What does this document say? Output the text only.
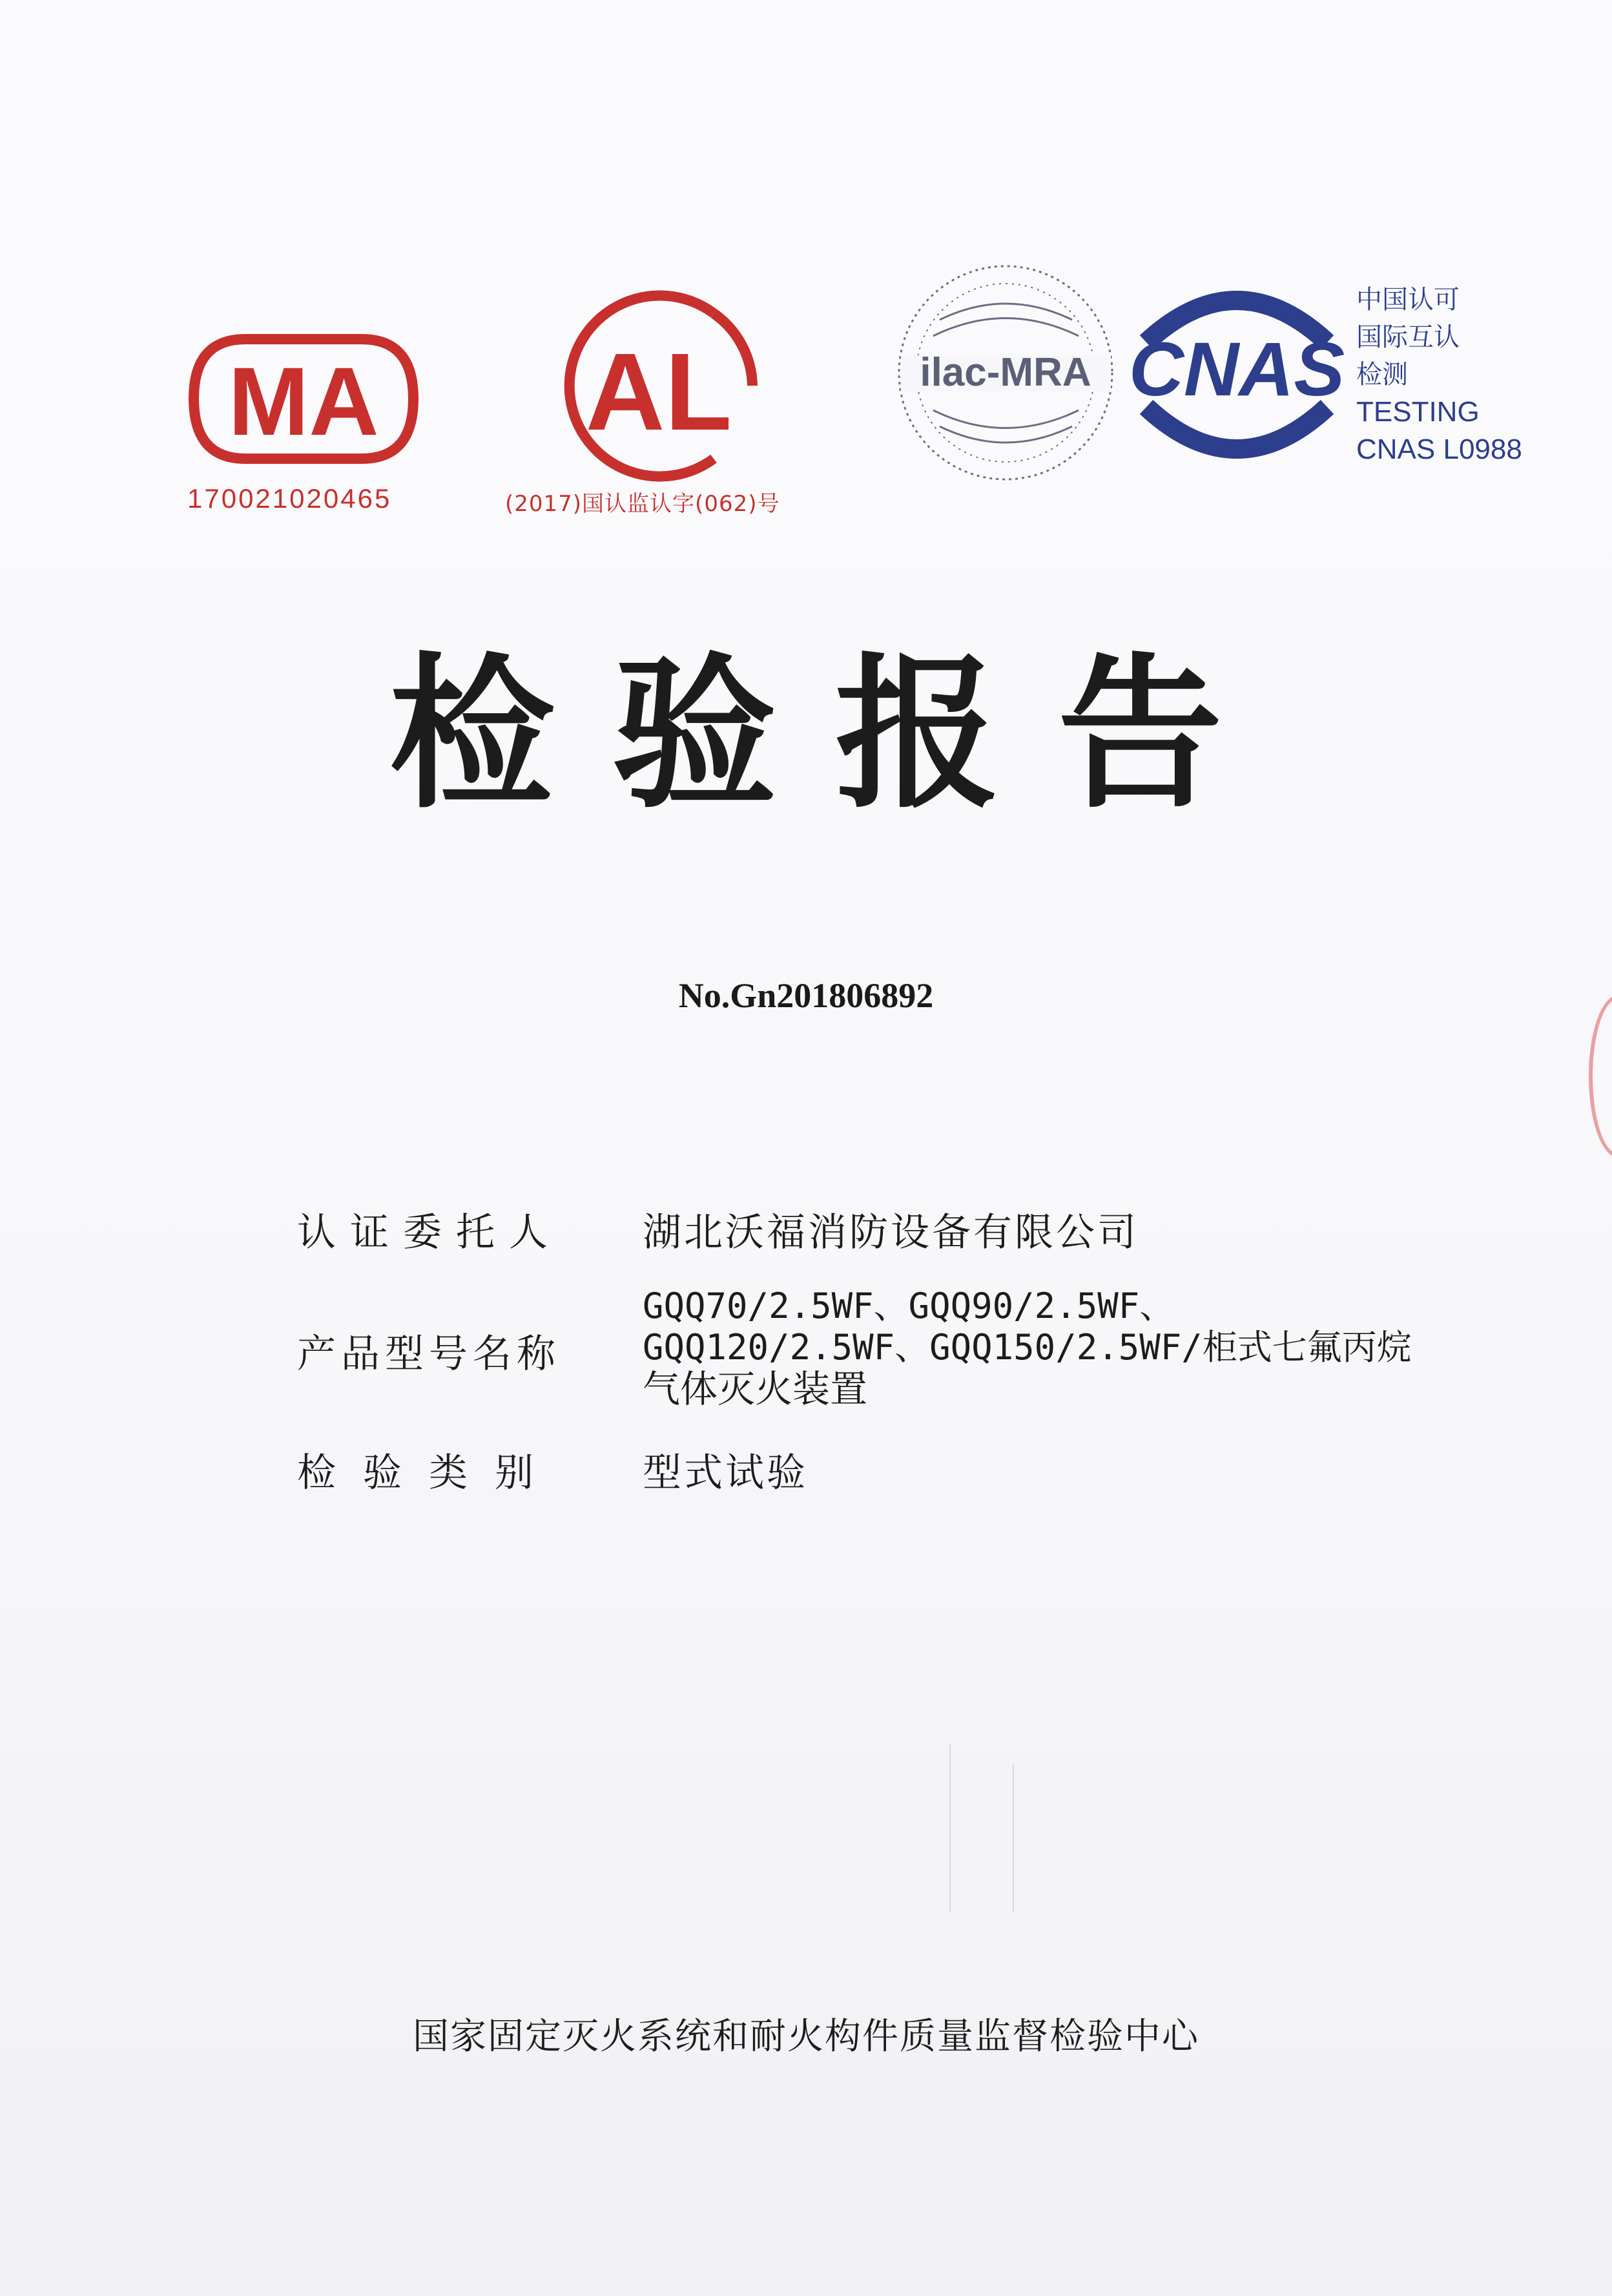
MA
170021020465
AL
(2017)国认监认字(062)号
ilac-MRA CNAS
中国认可
国际互认
检测
TESTING
CNAS L0988
检验报告
No.Gn201806892
认证委托人 湖北沃福消防设备有限公司
产品型号名称
GQQ70/2.5WF、GQQ90/2.5WF、
GQQ120/2.5WF、GQQ150/2.5WF/柜式七氟丙烷
气体灭火装置
检验类别 型式试验
国家固定灭火系统和耐火构件质量监督检验中心
